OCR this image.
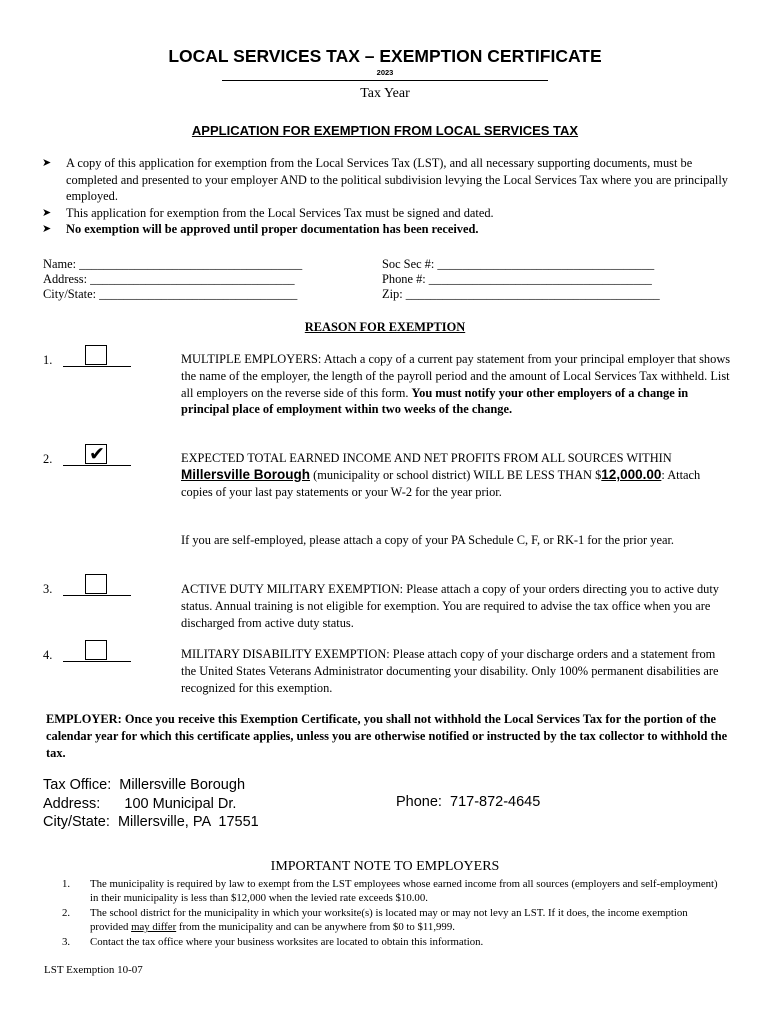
LOCAL SERVICES TAX – EXEMPTION CERTIFICATE
2023
Tax Year
APPLICATION FOR EXEMPTION FROM LOCAL SERVICES TAX
➤	A copy of this application for exemption from the Local Services Tax (LST), and all necessary supporting documents, must be completed and presented to your employer AND to the political subdivision levying the Local Services Tax where you are principally employed.
➤	This application for exemption from the Local Services Tax must be signed and dated.
➤	No exemption will be approved until proper documentation has been received.
Name: ____________________________________
Address: _________________________________
City/State: ________________________________
Soc Sec #: ___________________________________
Phone #: ____________________________________
Zip: _________________________________________
REASON FOR EXEMPTION
1.	MULTIPLE EMPLOYERS: Attach a copy of a current pay statement from your principal employer that shows the name of the employer, the length of the payroll period and the amount of Local Services Tax withheld. List all employers on the reverse side of this form. You must notify your other employers of a change in principal place of employment within two weeks of the change.
2. ✔	EXPECTED TOTAL EARNED INCOME AND NET PROFITS FROM ALL SOURCES WITHIN Millersville Borough (municipality or school district) WILL BE LESS THAN $12,000.00: Attach copies of your last pay statements or your W-2 for the year prior.
If you are self-employed, please attach a copy of your PA Schedule C, F, or RK-1 for the prior year.
3.	ACTIVE DUTY MILITARY EXEMPTION: Please attach a copy of your orders directing you to active duty status. Annual training is not eligible for exemption. You are required to advise the tax office when you are discharged from active duty status.
4.	MILITARY DISABILITY EXEMPTION: Please attach copy of your discharge orders and a statement from the United States Veterans Administrator documenting your disability. Only 100% permanent disabilities are recognized for this exemption.
EMPLOYER: Once you receive this Exemption Certificate, you shall not withhold the Local Services Tax for the portion of the calendar year for which this certificate applies, unless you are otherwise notified or instructed by the tax collector to withhold the tax.
Tax Office:  Millersville Borough
Address:      100 Municipal Dr.
City/State:  Millersville, PA  17551
Phone:  717-872-4645
IMPORTANT NOTE TO EMPLOYERS
1.	The municipality is required by law to exempt from the LST employees whose earned income from all sources (employers and self-employment) in their municipality is less than $12,000 when the levied rate exceeds $10.00.
2.	The school district for the municipality in which your worksite(s) is located may or may not levy an LST. If it does, the income exemption provided may differ from the municipality and can be anywhere from $0 to $11,999.
3.	Contact the tax office where your business worksites are located to obtain this information.
LST Exemption 10-07
